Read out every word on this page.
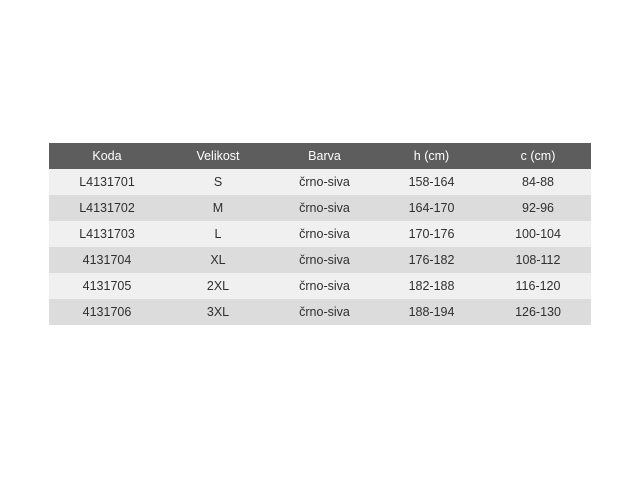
Koda	Velikost	Barva	h (cm)	c (cm)
L4131701	S	črno-siva	158-164	84-88
L4131702	M	črno-siva	164-170	92-96
L4131703	L	črno-siva	170-176	100-104
4131704	XL	črno-siva	176-182	108-112
4131705	2XL	črno-siva	182-188	116-120
4131706	3XL	črno-siva	188-194	126-130
